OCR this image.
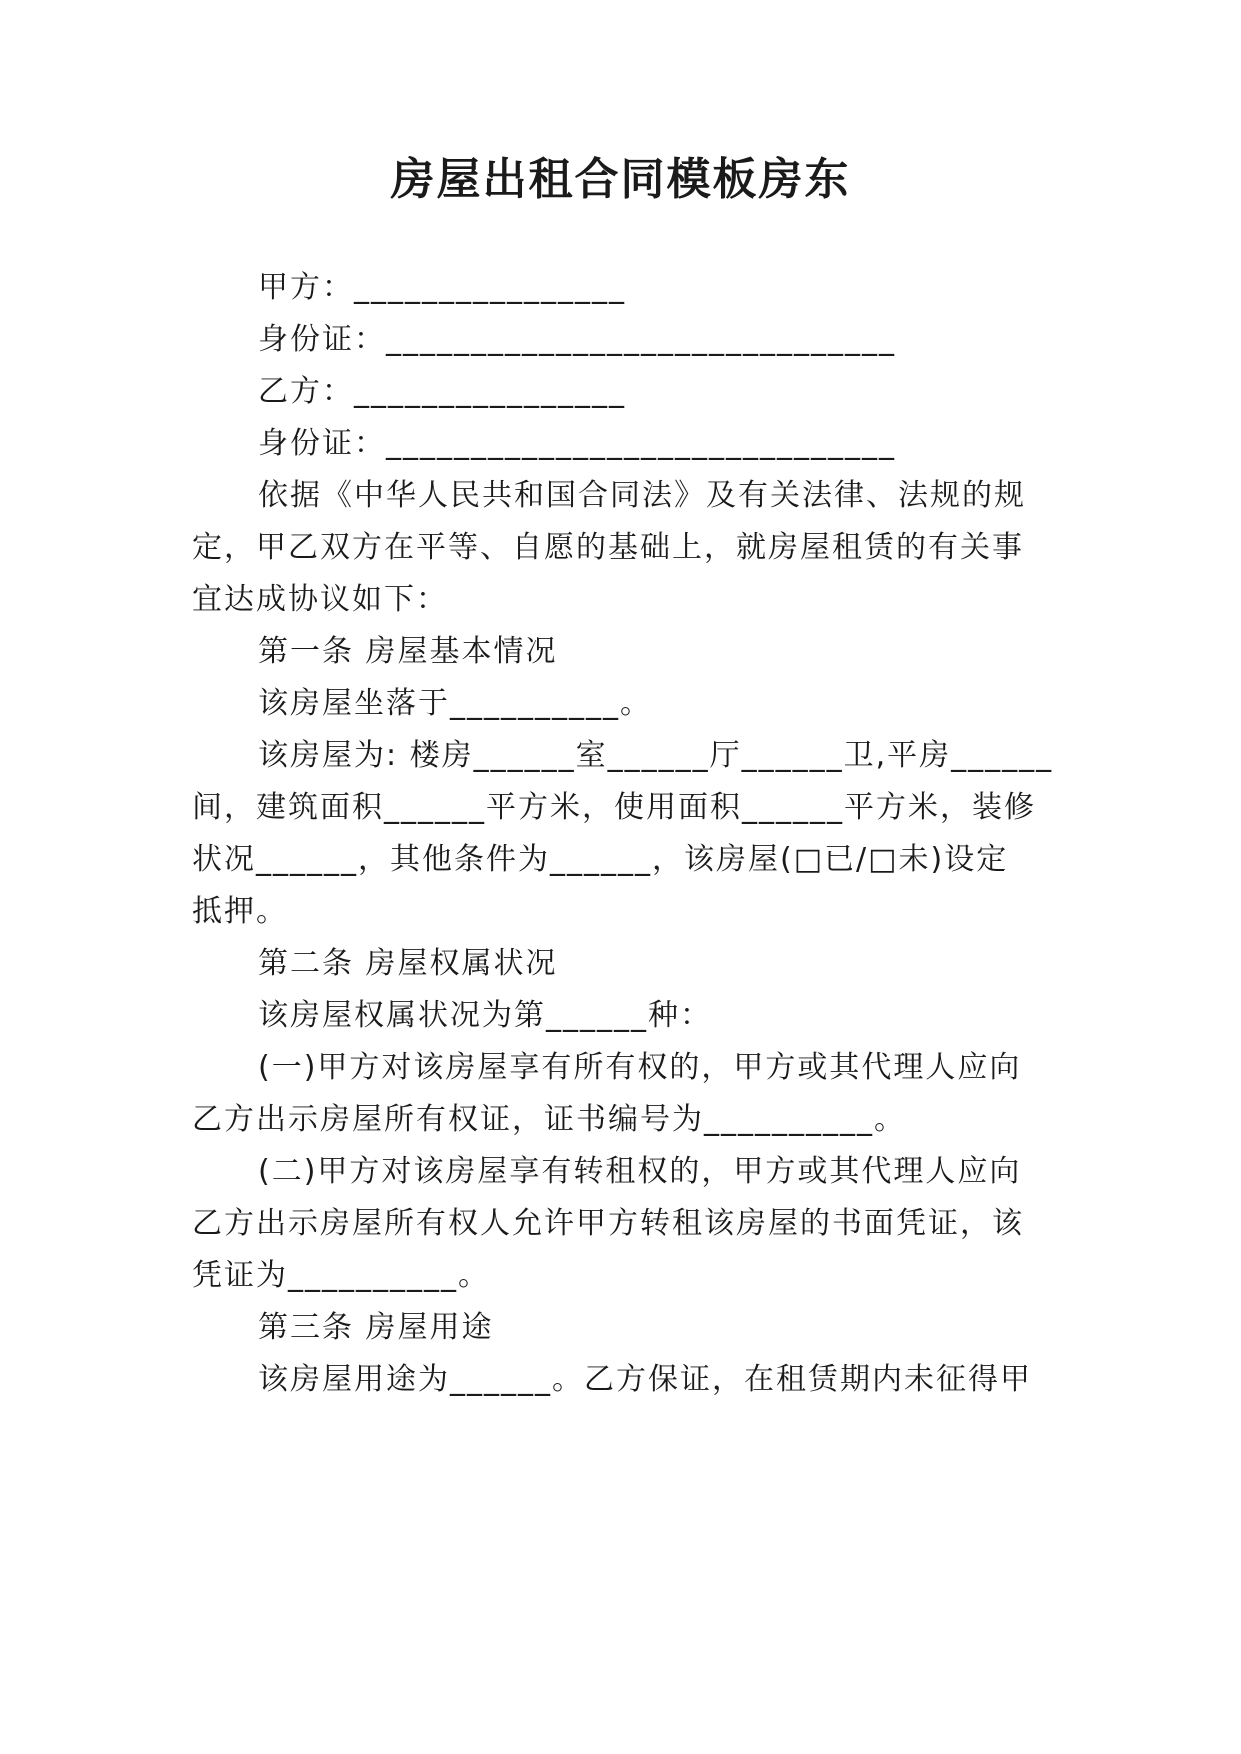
房屋出租合同模板房东
甲方：________________
身份证：______________________________
乙方：________________
身份证：______________________________
依据《中华人民共和国合同法》及有关法律、法规的规
定，甲乙双方在平等、自愿的基础上，就房屋租赁的有关事
宜达成协议如下：
第一条 房屋基本情况
该房屋坐落于__________。
该房屋为: 楼房______室______厅______卫,平房______
间，建筑面积______平方米，使用面积______平方米，装修
状况______，其他条件为______，该房屋(□已/□未)设定
抵押。
第二条 房屋权属状况
该房屋权属状况为第______种：
(一)甲方对该房屋享有所有权的，甲方或其代理人应向
乙方出示房屋所有权证，证书编号为__________。
(二)甲方对该房屋享有转租权的，甲方或其代理人应向
乙方出示房屋所有权人允许甲方转租该房屋的书面凭证，该
凭证为__________。
第三条 房屋用途
该房屋用途为______。乙方保证，在租赁期内未征得甲
